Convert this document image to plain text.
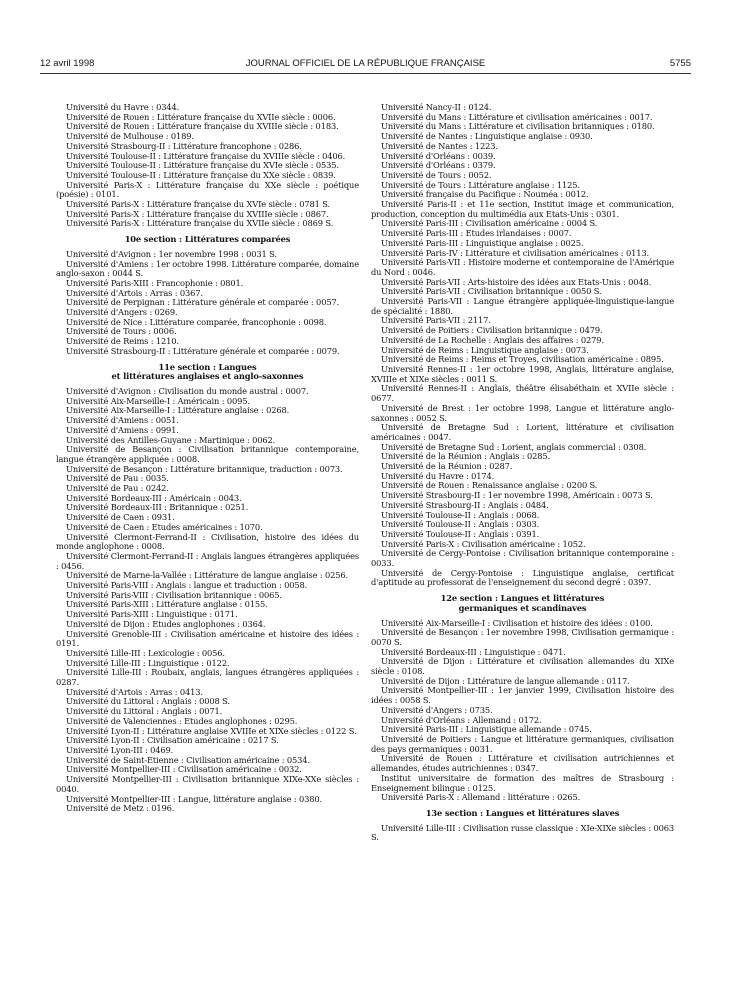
12 avril 1998	JOURNAL OFFICIEL DE LA RÉPUBLIQUE FRANÇAISE	5755

Université du Havre : 0344.

Université de Rouen : Littérature française du XVIIe siècle : 0006.

Université de Rouen : Littérature française du XVIIIe siècle : 0183.

Université de Mulhouse : 0189.

Université Strasbourg-II : Littérature francophone : 0286.

Université Toulouse-II : Littérature française du XVIIIe siècle : 0406.

Université Toulouse-II : Littérature française du XVIe siècle : 0535.

Université Toulouse-II : Littérature française du XXe siècle : 0839.

Université Paris-X : Littérature française du XXe siècle : poétique (poésie) : 0101.

Université Paris-X : Littérature française du XVIe siècle : 0781 S.

Université Paris-X : Littérature française du XVIIIe siècle : 0867.

Université Paris-X : Littérature française du XVIIe siècle : 0869 S.

10e section : Littératures comparées

Université d'Avignon : 1er novembre 1998 : 0031 S.

Université d'Amiens : 1er octobre 1998. Littérature comparée, domaine anglo-saxon : 0044 S.

Université Paris-XIII : Francophonie : 0801.

Université d'Artois : Arras : 0367.

Université de Perpignan : Littérature générale et comparée : 0057.

Université d'Angers : 0269.

Université de Nice : Littérature comparée, francophonie : 0098.

Université de Tours : 0006.

Université de Reims : 1210.

Université Strasbourg-II : Littérature générale et comparée : 0079.

11e section : Langues
et littératures anglaises et anglo-saxonnes

Université d'Avignon : Civilisation du monde austral : 0007.

Université Aix-Marseille-I : Américain : 0095.

Université Aix-Marseille-I : Littérature anglaise : 0268.

Université d'Amiens : 0051.

Université d'Amiens : 0991.

Université des Antilles-Guyane : Martinique : 0062.

Université de Besançon : Civilisation britannique contemporaine, langue étrangère appliquée : 0008.

Université de Besançon : Littérature britannique, traduction : 0073.

Université de Pau : 0035.

Université de Pau : 0242.

Université Bordeaux-III : Américain : 0043.

Université Bordeaux-III : Britannique : 0251.

Université de Caen : 0931.

Université de Caen : Etudes américaines : 1070.

Université Clermont-Ferrand-II : Civilisation, histoire des idées du monde anglophone : 0008.

Université Clermont-Ferrand-II : Anglais langues étrangères appliquées : 0456.

Université de Marne-la-Vallée : Littérature de langue anglaise : 0256.

Université Paris-VIII : Anglais : langue et traduction : 0058.

Université Paris-VIII : Civilisation britannique : 0065.

Université Paris-XIII : Littérature anglaise : 0155.

Université Paris-XIII : Linguistique : 0171.

Université de Dijon : Etudes anglophones : 0364.

Université Grenoble-III : Civilisation américaine et histoire des idées : 0191.

Université Lille-III : Lexicologie : 0056.

Université Lille-III : Linguistique : 0122.

Université Lille-III : Roubaix, anglais, langues étrangères appliquées : 0287.

Université d'Artois : Arras : 0413.

Université du Littoral : Anglais : 0008 S.

Université du Littoral : Anglais : 0071.

Université de Valenciennes : Etudes anglophones : 0295.

Université Lyon-II : Littérature anglaise XVIIIe et XIXe siècles : 0122 S.

Université Lyon-II : Civilisation américaine : 0217 S.

Université Lyon-III : 0469.

Université de Saint-Etienne : Civilisation américaine : 0534.

Université Montpellier-III : Civilisation américaine : 0032.

Université Montpellier-III : Civilisation britannique XIXe-XXe siècles : 0040.

Université Montpellier-III : Langue, littérature anglaise : 0380.

Université de Metz : 0196.

Université Nancy-II : 0124.

Université du Mans : Littérature et civilisation américaines : 0017.

Université du Mans : Littérature et civilisation britanniques : 0180.

Université de Nantes : Linguistique anglaise : 0930.

Université de Nantes : 1223.

Université d'Orléans : 0039.

Université d'Orléans : 0379.

Université de Tours : 0052.

Université de Tours : Littérature anglaise : 1125.

Université française du Pacifique : Nouméa : 0012.

Université Paris-II : et 11e section, Institut image et communication, production, conception du multimédia aux Etats-Unis : 0301.

Université Paris-III : Civilisation américaine : 0004 S.

Université Paris-III : Etudes irlandaises : 0007.

Université Paris-III : Linguistique anglaise : 0025.

Université Paris-IV : Littérature et civilisation américaines : 0113.

Université Paris-VII : Histoire moderne et contemporaine de l'Amérique du Nord : 0046.

Université Paris-VII : Arts-histoire des idées aux Etats-Unis : 0048.

Université Paris-VII : Civilisation britannique : 0050 S.

Université Paris-VII : Langue étrangère appliquée-linguistique-langue de spécialité : 1880.

Université Paris-VII : 2117.

Université de Poitiers : Civilisation britannique : 0479.

Université de La Rochelle : Anglais des affaires : 0279.

Université de Reims : Linguistique anglaise : 0073.

Université de Reims : Reims et Troyes, civilisation américaine : 0895.

Université Rennes-II : 1er octobre 1998, Anglais, littérature anglaise, XVIIIe et XIXe siècles : 0011 S.

Université Rennes-II : Anglais, théâtre élisabéthain et XVIIe siècle : 0677.

Université de Brest : 1er octobre 1998, Langue et littérature anglo-saxonnes : 0052 S.

Université de Bretagne Sud : Lorient, littérature et civilisation américaines : 0047.

Université de Bretagne Sud : Lorient, anglais commercial : 0308.

Université de la Réunion : Anglais : 0285.

Université de la Réunion : 0287.

Université du Havre : 0174.

Université de Rouen : Renaissance anglaise : 0200 S.

Université Strasbourg-II : 1er novembre 1998, Américain : 0073 S.

Université Strasbourg-II : Anglais : 0484.

Université Toulouse-II : Anglais : 0068.

Université Toulouse-II : Anglais : 0303.

Université Toulouse-II : Anglais : 0391.

Université Paris-X : Civilisation américaine : 1052.

Université de Cergy-Pontoise : Civilisation britannique contemporaine : 0033.

Université de Cergy-Pontoise : Linguistique anglaise, certificat d'aptitude au professorat de l'enseignement du second degré : 0397.

12e section : Langues et littératures
germaniques et scandinaves

Université Aix-Marseille-I : Civilisation et histoire des idées : 0100.

Université de Besançon : 1er novembre 1998, Civilisation germanique : 0070 S.

Université Bordeaux-III : Linguistique : 0471.

Université de Dijon : Littérature et civilisation allemandes du XIXe siècle : 0108.

Université de Dijon : Littérature de langue allemande : 0117.

Université Montpellier-III : 1er janvier 1999, Civilisation histoire des idées : 0058 S.

Université d'Angers : 0735.

Université d'Orléans : Allemand : 0172.

Université Paris-III : Linguistique allemande : 0745.

Université de Poitiers : Langue et littérature germaniques, civilisation des pays germaniques : 0031.

Université de Rouen : Littérature et civilisation autrichiennes et allemandes, études autrichiennes : 0347.

Institut universitaire de formation des maîtres de Strasbourg : Enseignement bilingue : 0125.

Université Paris-X : Allemand : littérature : 0265.

13e section : Langues et littératures slaves

Université Lille-III : Civilisation russe classique : XIe-XIXe siècles : 0063 S.
